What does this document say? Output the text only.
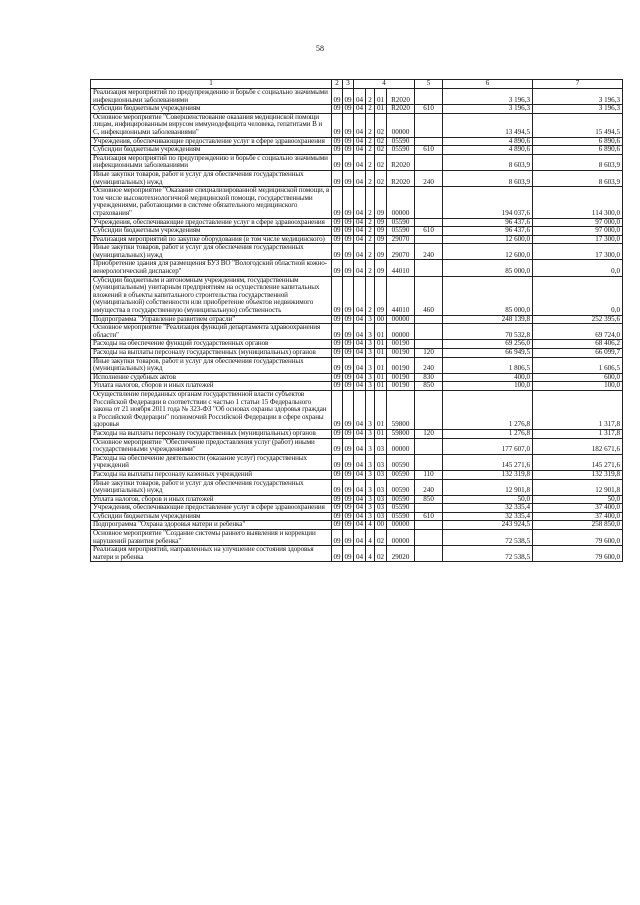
58
1	2	3	4				5	6	7
Реализация мероприятий по предупреждению и борьбе с социально значимыми инфекционными заболеваниями	09	09	04	2	01	R2020		3 196,3	3 196,3
Субсидии бюджетным учреждениям	09	09	04	2	01	R2020	610	3 196,3	3 196,3
Основное мероприятие "Совершенствование оказания медицинской помощи лицам, инфицированным вирусом иммунодефицита человека, гепатитами В и С, инфекционными заболеваниями"	09	09	04	2	02	00000		13 494,5	15 494,5
Учреждения, обеспечивающие предоставление услуг в сфере здравоохранения	09	09	04	2	02	05590		4 890,6	6 890,6
Субсидии бюджетным учреждениям	09	09	04	2	02	05590	610	4 890,6	6 890,6
Реализация мероприятий по предупреждению и борьбе с социально значимыми инфекционными заболеваниями	09	09	04	2	02	R2020		8 603,9	8 603,9
Иные закупки товаров, работ и услуг для обеспечения государственных (муниципальных) нужд	09	09	04	2	02	R2020	240	8 603,9	8 603,9
Основное мероприятие "Оказание специализированной медицинской помощи, в том числе высокотехнологичной медицинской помощи, государственными учреждениями, работающими в системе обязательного медицинского страхования"	09	09	04	2	09	00000		194 037,6	114 300,0
Учреждения, обеспечивающие предоставление услуг в сфере здравоохранения	09	09	04	2	09	05590		96 437,6	97 000,0
Субсидии бюджетным учреждениям	09	09	04	2	09	05590	610	96 437,6	97 000,0
Реализация мероприятий по закупке оборудования (в том числе медицинского)	09	09	04	2	09	29070		12 600,0	17 300,0
Иные закупки товаров, работ и услуг для обеспечения государственных (муниципальных) нужд	09	09	04	2	09	29070	240	12 600,0	17 300,0
Приобретение здания для размещения БУЗ ВО "Вологодский областной кожно-венерологический диспансер"	09	09	04	2	09	44010		85 000,0	0,0
Субсидии бюджетным и автономным учреждениям, государственным (муниципальным) унитарным предприятиям на осуществление капитальных вложений в объекты капитального строительства государственной (муниципальной) собственности или приобретение объектов недвижимого имущества в государственную (муниципальную) собственность	09	09	04	2	09	44010	460	85 000,0	0,0
Подпрограмма "Управление развитием отрасли"	09	09	04	3	00	00000		248 139,8	252 395,6
Основное мероприятие "Реализация функций департамента здравоохранения области"	09	09	04	3	01	00000		70 532,8	69 724,0
Расходы на обеспечение функций государственных органов	09	09	04	3	01	00190		69 256,0	68 406,2
Расходы на выплаты персоналу государственных (муниципальных) органов	09	09	04	3	01	00190	120	66 949,5	66 099,7
Иные закупки товаров, работ и услуг для обеспечения государственных (муниципальных) нужд	09	09	04	3	01	00190	240	1 806,5	1 606,5
Исполнение судебных актов	09	09	04	3	01	00190	830	400,0	600,0
Уплата налогов, сборов и иных платежей	09	09	04	3	01	00190	850	100,0	100,0
Осуществление переданных органам государственной власти субъектов Российской Федерации в соответствии с частью 1 статьи 15 Федерального закона от 21 ноября 2011 года № 323-ФЗ "Об основах охраны здоровья граждан в Российской Федерации" полномочий Российской Федерации в сфере охраны здоровья	09	09	04	3	01	59800		1 276,8	1 317,8
Расходы на выплаты персоналу государственных (муниципальных) органов	09	09	04	3	01	59800	120	1 276,8	1 317,8
Основное мероприятие "Обеспечение предоставления услуг (работ) иными государственными учреждениями"	09	09	04	3	03	00000		177 607,0	182 671,6
Расходы на обеспечение деятельности (оказание услуг) государственных учреждений	09	09	04	3	03	00590		145 271,6	145 271,6
Расходы на выплаты персоналу казенных учреждений	09	09	04	3	03	00590	110	132 319,8	132 319,8
Иные закупки товаров, работ и услуг для обеспечения государственных (муниципальных) нужд	09	09	04	3	03	00590	240	12 901,8	12 901,8
Уплата налогов, сборов и иных платежей	09	09	04	3	03	00590	850	50,0	50,0
Учреждения, обеспечивающие предоставление услуг в сфере здравоохранения	09	09	04	3	03	05590		32 335,4	37 400,0
Субсидии бюджетным учреждениям	09	09	04	3	03	05590	610	32 335,4	37 400,0
Подпрограмма "Охрана здоровья матери и ребенка"	09	09	04	4	00	00000		243 924,5	258 850,0
Основное мероприятие "Создание системы раннего выявления и коррекции нарушений развития ребенка"	09	09	04	4	02	00000		72 538,5	79 600,0
Реализация мероприятий, направленных на улучшение состояния здоровья матери и ребенка	09	09	04	4	02	29020		72 538,5	79 600,0
